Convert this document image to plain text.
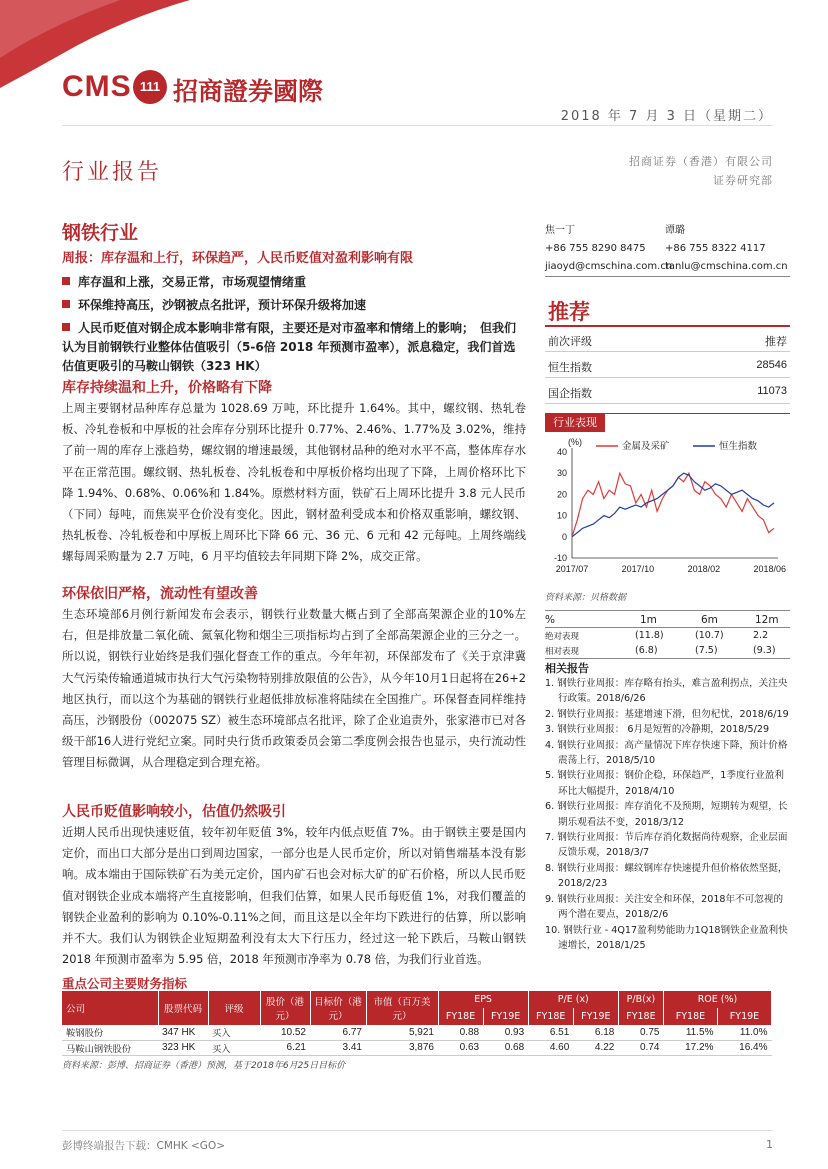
CMS 111 招商證券國際
2018 年 7 月 3 日（星期二）
行业报告	招商证券（香港）有限公司
证券研究部
钢铁行业
周报：库存温和上行，环保趋严，人民币贬值对盈利影响有限
库存温和上涨，交易正常，市场观望情绪重
环保维持高压，沙钢被点名批评，预计环保升级将加速
人民币贬值对钢企成本影响非常有限，主要还是对市盈率和情绪上的影响；　但我们认为目前钢铁行业整体估值吸引（5-6倍 2018 年预测市盈率），派息稳定，我们首选估值更吸引的马鞍山钢铁（323 HK）
库存持续温和上升，价格略有下降
上周主要钢材品种库存总量为 1028.69 万吨，环比提升 1.64%。其中，螺纹钢、热轧卷板、冷轧卷板和中厚板的社会库存分别环比提升 0.77%、2.46%、1.77%及 3.02%，维持了前一周的库存上涨趋势，螺纹钢的增速最缓，其他钢材品种的绝对水平不高，整体库存水平在正常范围。螺纹钢、热轧板卷、冷轧板卷和中厚板价格均出现了下降，上周价格环比下降 1.94%、0.68%、0.06%和 1.84%。原燃材料方面，铁矿石上周环比提升 3.8 元人民币（下同）每吨，而焦炭平仓价没有变化。因此，钢材盈利受成本和价格双重影响，螺纹钢、热轧板卷、冷轧板卷和中厚板上周环比下降 66 元、36 元、6 元和 42 元每吨。上周终端线螺每周采购量为 2.7 万吨，6 月平均值较去年同期下降 2%，成交正常。
环保依旧严格，流动性有望改善
生态环境部6月例行新闻发布会表示，钢铁行业数量大概占到了全部高架源企业的10%左右，但是排放量二氧化硫、氮氧化物和烟尘三项指标均占到了全部高架源企业的三分之一。所以说，钢铁行业始终是我们强化督查工作的重点。今年年初，环保部发布了《关于京津冀大气污染传输通道城市执行大气污染物特别排放限值的公告》，从今年10月1日起将在26+2地区执行，而以这个为基础的钢铁行业超低排放标准将陆续在全国推广。环保督查同样维持高压，沙钢股份（002075 SZ）被生态环境部点名批评，除了企业追责外，张家港市已对各级干部16人进行党纪立案。同时央行货币政策委员会第二季度例会报告也显示，央行流动性管理目标微调，从合理稳定到合理充裕。
人民币贬值影响较小，估值仍然吸引
近期人民币出现快速贬值，较年初年贬值 3%，较年内低点贬值 7%。由于钢铁主要是国内定价，而出口大部分是出口到周边国家，一部分也是人民币定价，所以对销售端基本没有影响。成本端由于国际铁矿石为美元定价，国内矿石也会对标大矿的矿石价格，所以人民币贬值对钢铁企业成本端将产生直接影响，但我们估算，如果人民币每贬值 1%，对我们覆盖的钢铁企业盈利的影响为 0.10%-0.11%之间，而且这是以全年均下跌进行的估算，所以影响并不大。我们认为钢铁企业短期盈利没有太大下行压力，经过这一轮下跌后，马鞍山钢铁 2018 年预测市盈率为 5.95 倍，2018 年预测市净率为 0.78 倍，为我们行业首选。
焦一丁
+86 755 8290 8475
jiaoyd@cmschina.com.cn
谭璐
+86 755 8322 4117
tanlu@cmschina.com.cn
推荐
前次评级	推荐
恒生指数	28546
国企指数	11073
行业表现
(%)
40
30
20
10
0
-10
2017/07	2017/10	2018/02	2018/06
金属及采矿	恒生指数
资料来源：贝格数据
%	1m	6m	12m
绝对表现	(11.8)	(10.7)	2.2
相对表现	(6.8)	(7.5)	(9.3)
相关报告
1. 钢铁行业周报：库存略有抬头，难言盈利拐点，关注央行政策。2018/6/26
2. 钢铁行业周报：基建增速下滑，但勿杞忧，2018/6/19
3. 钢铁行业周报： 6月是短暂的冷静期，2018/5/29
4. 钢铁行业周报：高产量情况下库存快速下降，预计价格震荡上行，2018/5/10
5. 钢铁行业周报：钢价企稳，环保趋严，1季度行业盈利环比大幅提升，2018/4/10
6. 钢铁行业周报：库存消化不及预期，短期转为观望，长期乐观看法不变，2018/3/12
7. 钢铁行业周报：节后库存消化数据尚待观察，企业层面反馈乐观，2018/3/7
8. 钢铁行业周报：螺纹钢库存快速提升但价格依然坚挺，2018/2/23
9. 钢铁行业周报：关注安全和环保，2018年不可忽视的两个潜在要点，2018/2/6
10. 钢铁行业 - 4Q17盈利势能助力1Q18钢铁企业盈利快速增长，2018/1/25
重点公司主要财务指标
公司	股票代码	评级	股价（港元）	目标价（港元）	市值（百万美元）	EPS		P/E (x)		P/B(x)	ROE (%)	
						FY18E	FY19E	FY18E	FY19E	FY18E	FY18E	FY19E
鞍钢股份	347 HK	买入	10.52	6.77	5,921	0.88	0.93	6.51	6.18	0.75	11.5%	11.0%
马鞍山钢铁股份	323 HK	买入	6.21	3.41	3,876	0.63	0.68	4.60	4.22	0.74	17.2%	16.4%
资料来源：彭博、招商证券（香港）预测，基于2018年6月25日目标价
彭博终端报告下载：CMHK <GO>	1
